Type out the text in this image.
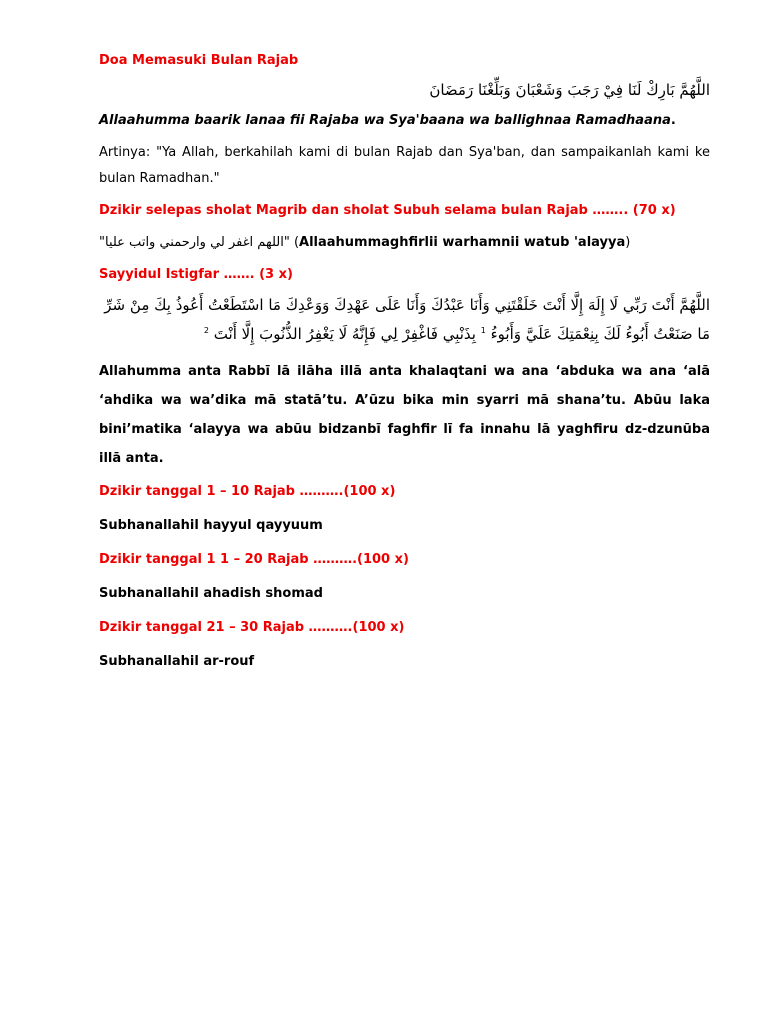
Doa Memasuki Bulan Rajab

اللَّهُمَّ بَارِكْ لَنَا فِيْ رَجَبَ وَشَعْبَانَ وَبَلِّغْنَا رَمَضَانَ

Allaahumma baarik lanaa fii Rajaba wa Sya'baana wa ballighnaa Ramadhaana.

Artinya: "Ya Allah, berkahilah kami di bulan Rajab dan Sya'ban, dan sampaikanlah kami ke bulan Ramadhan."

Dzikir selepas sholat Magrib dan sholat Subuh selama bulan Rajab …….. (70 x)

"اللهم اغفر لي وارحمني واتب عليا" (Allaahummaghfirlii warhamnii watub 'alayya)

Sayyidul Istigfar ……. (3 x)

اللَّهُمَّ أَنْتَ رَبِّي لَا إِلَهَ إِلَّا أَنْتَ خَلَقْتَنِي وَأَنَا عَبْدُكَ وَأَنَا عَلَى عَهْدِكَ وَوَعْدِكَ مَا اسْتَطَعْتُ أَعُوذُ بِكَ مِنْ شَرِّ مَا صَنَعْتُ أَبُوءُ لَكَ بِنِعْمَتِكَ عَلَيَّ وَأَبُوءُ $^1$ بِذَنْبِي فَاغْفِرْ لِي فَإِنَّهُ لَا يَغْفِرُ الذُّنُوبَ إِلَّا أَنْتَ $^2$

Allahumma anta Rabbī lā ilāha illā anta khalaqtani wa ana ‘abduka wa ana ‘alā ‘ahdika wa wa’dika mā statā’tu. A’ūzu bika min syarri mā shana’tu. Abūu laka bini’matika ‘alayya wa abūu bidzanbī faghfir lī fa innahu lā yaghfiru dz-dzunūba illā anta.

Dzikir tanggal 1 – 10 Rajab ……….(100 x)

Subhanallahil hayyul qayyuum

Dzikir tanggal 1 1 – 20 Rajab ……….(100 x)

Subhanallahil ahadish shomad

Dzikir tanggal 21 – 30 Rajab ……….(100 x)

Subhanallahil ar-rouf
